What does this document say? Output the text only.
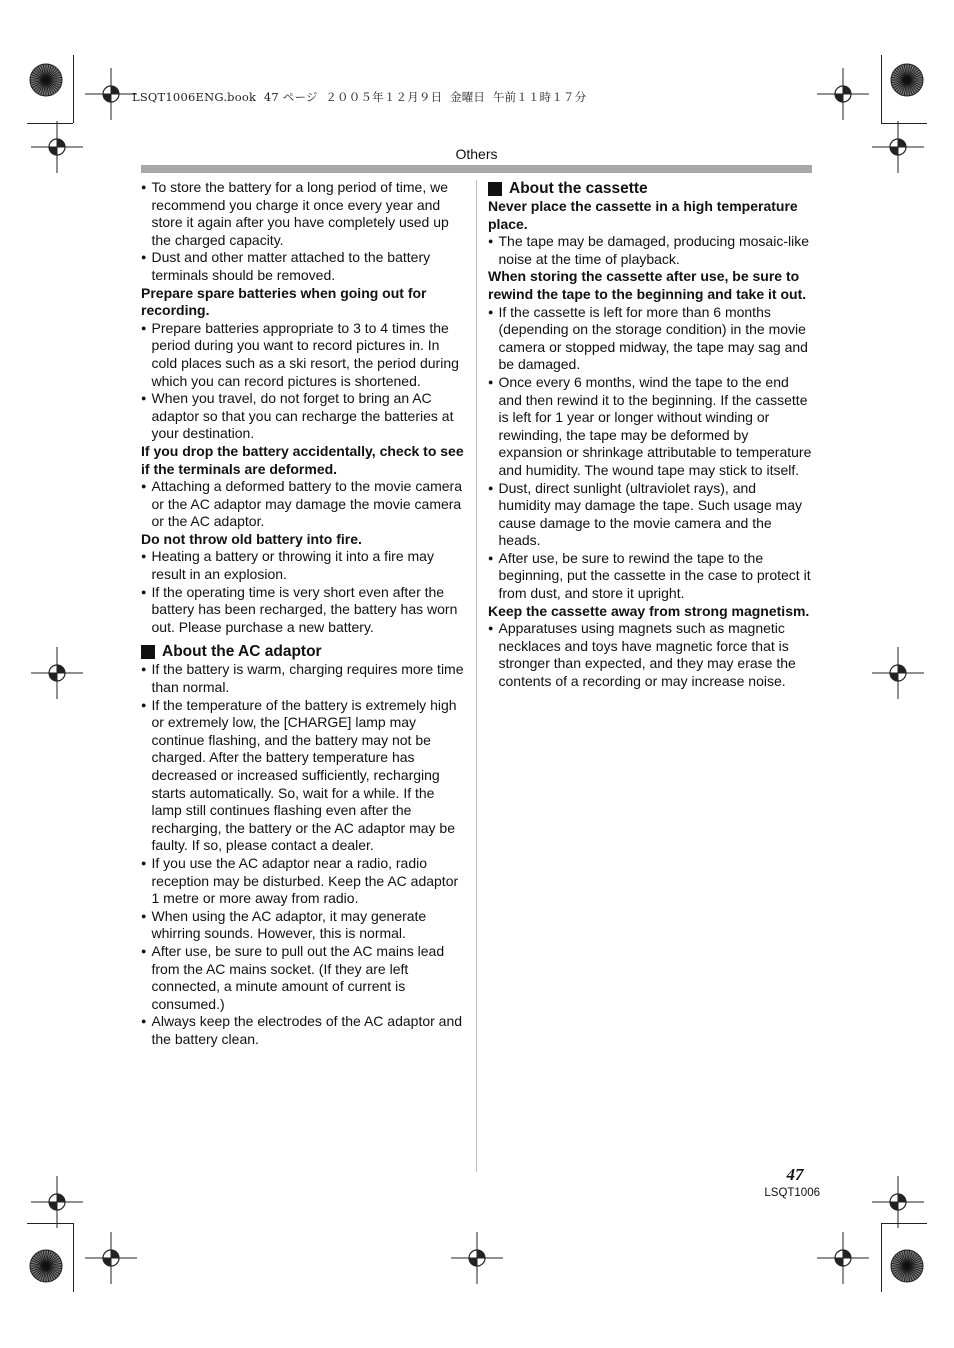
LSQT1006ENG.book  47 ページ  ２００５年１２月９日  金曜日  午前１１時１７分
Others

● To store the battery for a long period of time, we recommend you charge it once every year and store it again after you have completely used up the charged capacity.

● Dust and other matter attached to the battery terminals should be removed.

Prepare spare batteries when going out for recording.

● Prepare batteries appropriate to 3 to 4 times the period during you want to record pictures in. In cold places such as a ski resort, the period during which you can record pictures is shortened.

● When you travel, do not forget to bring an AC adaptor so that you can recharge the batteries at your destination.

If you drop the battery accidentally, check to see if the terminals are deformed.

● Attaching a deformed battery to the movie camera or the AC adaptor may damage the movie camera or the AC adaptor.

Do not throw old battery into fire.

● Heating a battery or throwing it into a fire may result in an explosion.

● If the operating time is very short even after the battery has been recharged, the battery has worn out. Please purchase a new battery.

About the AC adaptor

● If the battery is warm, charging requires more time than normal.

● If the temperature of the battery is extremely high or extremely low, the [CHARGE] lamp may continue flashing, and the battery may not be charged. After the battery temperature has decreased or increased sufficiently, recharging starts automatically. So, wait for a while. If the lamp still continues flashing even after the recharging, the battery or the AC adaptor may be faulty. If so, please contact a dealer.

● If you use the AC adaptor near a radio, radio reception may be disturbed. Keep the AC adaptor 1 metre or more away from radio.

● When using the AC adaptor, it may generate whirring sounds. However, this is normal.

● After use, be sure to pull out the AC mains lead from the AC mains socket. (If they are left connected, a minute amount of current is consumed.)

● Always keep the electrodes of the AC adaptor and the battery clean.

About the cassette

Never place the cassette in a high temperature place.

● The tape may be damaged, producing mosaic-like noise at the time of playback.

When storing the cassette after use, be sure to rewind the tape to the beginning and take it out.

● If the cassette is left for more than 6 months (depending on the storage condition) in the movie camera or stopped midway, the tape may sag and be damaged.

● Once every 6 months, wind the tape to the end and then rewind it to the beginning. If the cassette is left for 1 year or longer without winding or rewinding, the tape may be deformed by expansion or shrinkage attributable to temperature and humidity. The wound tape may stick to itself.

● Dust, direct sunlight (ultraviolet rays), and humidity may damage the tape. Such usage may cause damage to the movie camera and the heads.

● After use, be sure to rewind the tape to the beginning, put the cassette in the case to protect it from dust, and store it upright.

Keep the cassette away from strong magnetism.

● Apparatuses using magnets such as magnetic necklaces and toys have magnetic force that is stronger than expected, and they may erase the contents of a recording or may increase noise.

47
LSQT1006
